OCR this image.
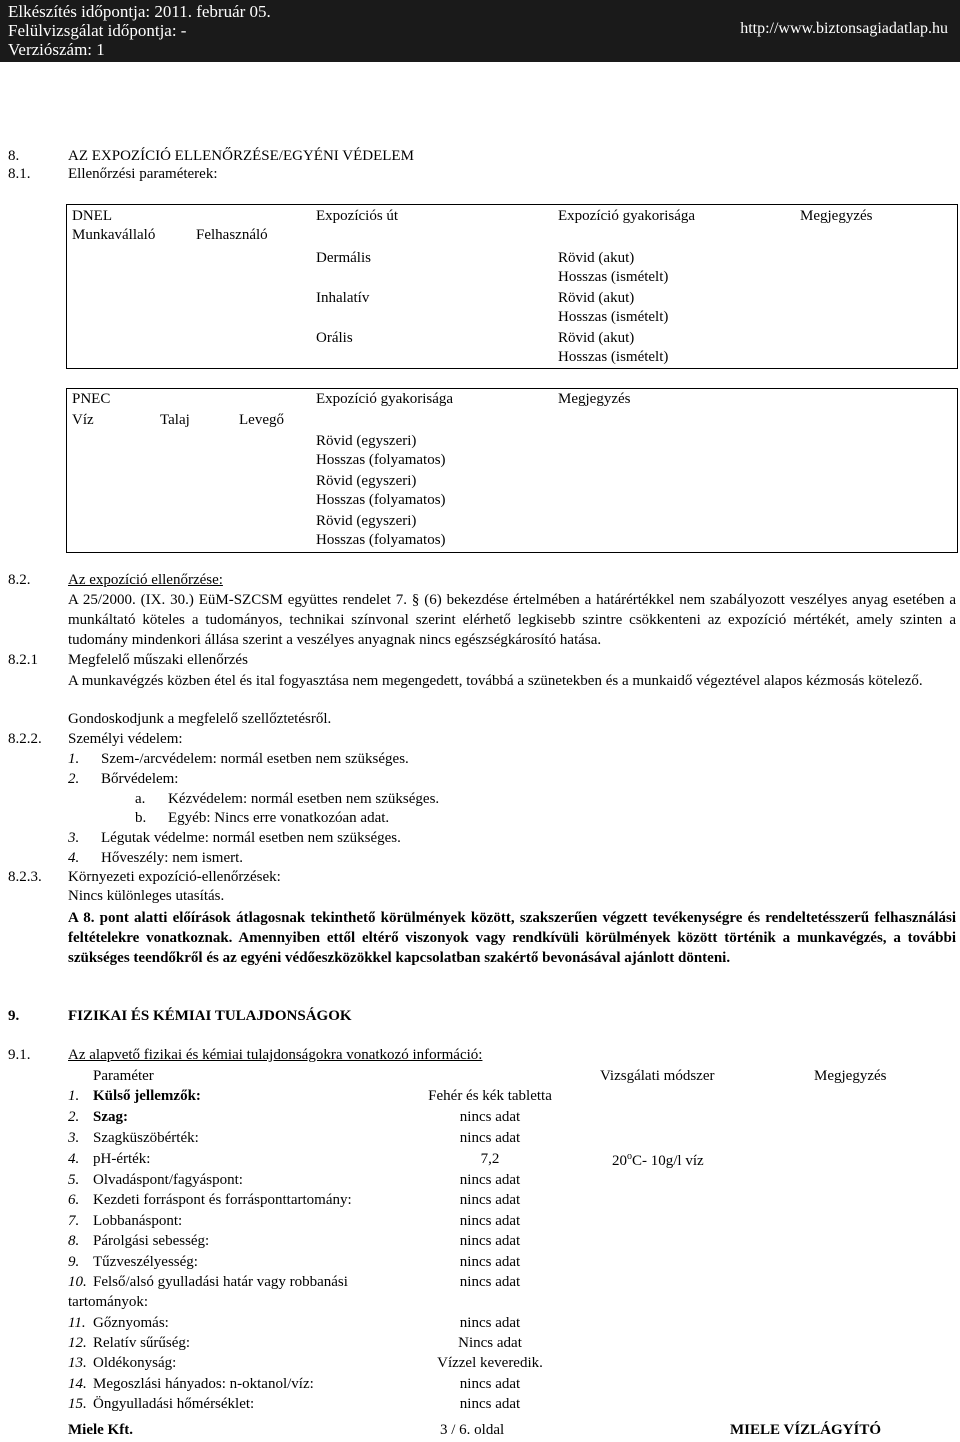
Elkészítés időpontja: 2011. február 05.
Felülvizsgálat időpontja: -
Verziószám: 1
http://www.biztonsagiadatlap.hu
8.	AZ EXPOZÍCIÓ ELLENŐRZÉSE/EGYÉNI VÉDELEM
8.1.	Ellenőrzési paraméterek:
DNEL	Expozíciós út	Expozíció gyakorisága	Megjegyzés
Munkavállaló	Felhasználó
Dermális	Rövid (akut)
Hosszas (ismételt)
Inhalatív	Rövid (akut)
Hosszas (ismételt)
Orális	Rövid (akut)
Hosszas (ismételt)
PNEC	Expozíció gyakorisága	Megjegyzés
Víz	Talaj	Levegő
Rövid (egyszeri)
Hosszas (folyamatos)
Rövid (egyszeri)
Hosszas (folyamatos)
Rövid (egyszeri)
Hosszas (folyamatos)
8.2.	Az expozíció ellenőrzése:
A 25/2000. (IX. 30.) EüM-SZCSM együttes rendelet 7. § (6) bekezdése értelmében a határértékkel nem szabályozott veszélyes anyag esetében a munkáltató köteles a tudományos, technikai színvonal szerint elérhető legkisebb szintre csökkenteni az expozíció mértékét, amely szinten a tudomány mindenkori állása szerint a veszélyes anyagnak nincs egészségkárosító hatása.
8.2.1 Megfelelő műszaki ellenőrzés
A munkavégzés közben étel és ital fogyasztása nem megengedett, továbbá a szünetekben és a munkaidő végeztével alapos kézmosás kötelező.
Gondoskodjunk a megfelelő szellőztetésről.
8.2.2. Személyi védelem:
1. Szem-/arcvédelem: normál esetben nem szükséges.
2. Bőrvédelem:
a. Kézvédelem: normál esetben nem szükséges.
b. Egyéb: Nincs erre vonatkozóan adat.
3. Légutak védelme: normál esetben nem szükséges.
4. Hőveszély: nem ismert.
8.2.3. Környezeti expozíció-ellenőrzések:
Nincs különleges utasítás.
A 8. pont alatti előírások átlagosnak tekinthető körülmények között, szakszerűen végzett tevékenységre és rendeltetésszerű felhasználási feltételekre vonatkoznak. Amennyiben ettől eltérő viszonyok vagy rendkívüli körülmények között történik a munkavégzés, a további szükséges teendőkről és az egyéni védőeszközökkel kapcsolatban szakértő bevonásával ajánlott dönteni.
9.	FIZIKAI ÉS KÉMIAI TULAJDONSÁGOK
9.1.	Az alapvető fizikai és kémiai tulajdonságokra vonatkozó információ:
Paraméter	Vizsgálati módszer	Megjegyzés
1. Külső jellemzők:	Fehér és kék tabletta
2. Szag:	nincs adat
3. Szagküszöbérték:	nincs adat
4. pH-érték:	7,2	20$^o$C- 10g/l víz
5. Olvadáspont/fagyáspont:	nincs adat
6. Kezdeti forráspont és forrásponttartomány:	nincs adat
7. Lobbanáspont:	nincs adat
8. Párolgási sebesség:	nincs adat
9. Tűzveszélyesség:	nincs adat
10. Felső/alsó gyulladási határ vagy robbanási
tartományok:
nincs adat
11. Gőznyomás:	nincs adat
12. Relatív sűrűség:	Nincs adat
13. Oldékonyság:	Vízzel keveredik.
14. Megoszlási hányados: n-oktanol/víz:	nincs adat
15. Öngyulladási hőmérséklet:	nincs adat
Miele Kft.	3 / 6. oldal	MIELE VÍZLÁGYÍTÓ
